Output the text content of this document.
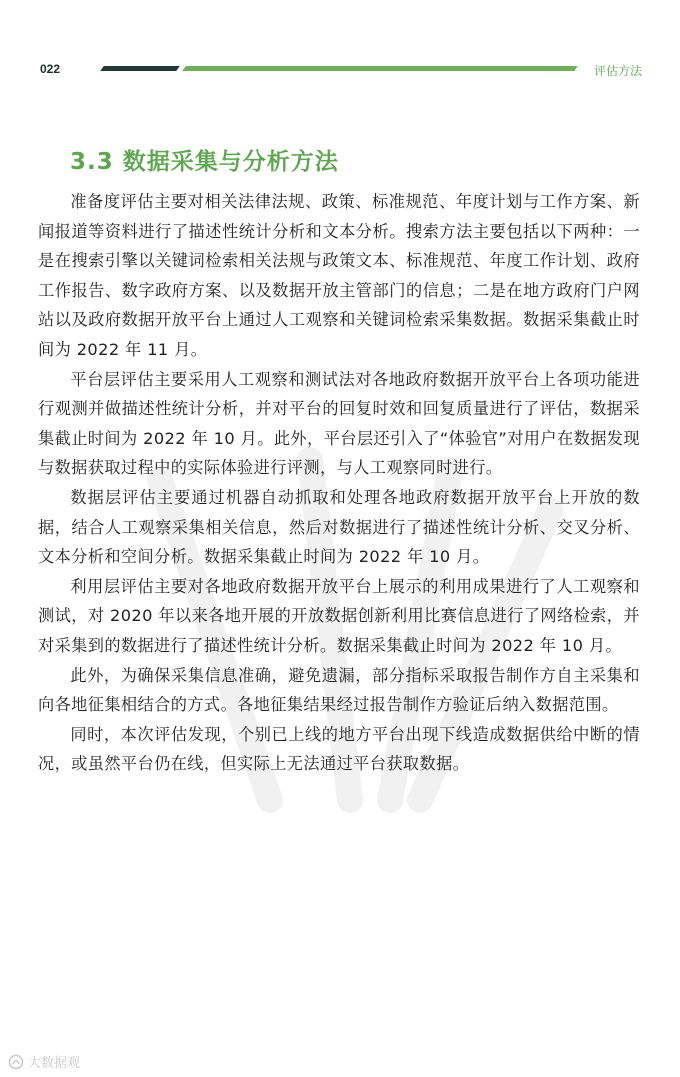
022	评估方法
3.3 数据采集与分析方法

准备度评估主要对相关法律法规、政策、标准规范、年度计划与工作方案、新闻报道等资料进行了描述性统计分析和文本分析。搜索方法主要包括以下两种：一是在搜索引擎以关键词检索相关法规与政策文本、标准规范、年度工作计划、政府工作报告、数字政府方案、以及数据开放主管部门的信息；二是在地方政府门户网站以及政府数据开放平台上通过人工观察和关键词检索采集数据。数据采集截止时间为 2022 年 11 月。

平台层评估主要采用人工观察和测试法对各地政府数据开放平台上各项功能进行观测并做描述性统计分析，并对平台的回复时效和回复质量进行了评估，数据采集截止时间为 2022 年 10 月。此外，平台层还引入了“体验官”对用户在数据发现与数据获取过程中的实际体验进行评测，与人工观察同时进行。

数据层评估主要通过机器自动抓取和处理各地政府数据开放平台上开放的数据，结合人工观察采集相关信息，然后对数据进行了描述性统计分析、交叉分析、文本分析和空间分析。数据采集截止时间为 2022 年 10 月。

利用层评估主要对各地政府数据开放平台上展示的利用成果进行了人工观察和测试，对 2020 年以来各地开展的开放数据创新利用比赛信息进行了网络检索，并对采集到的数据进行了描述性统计分析。数据采集截止时间为 2022 年 10 月。

此外，为确保采集信息准确，避免遗漏，部分指标采取报告制作方自主采集和向各地征集相结合的方式。各地征集结果经过报告制作方验证后纳入数据范围。

同时，本次评估发现，个别已上线的地方平台出现下线造成数据供给中断的情况，或虽然平台仍在线，但实际上无法通过平台获取数据。

大数据观
